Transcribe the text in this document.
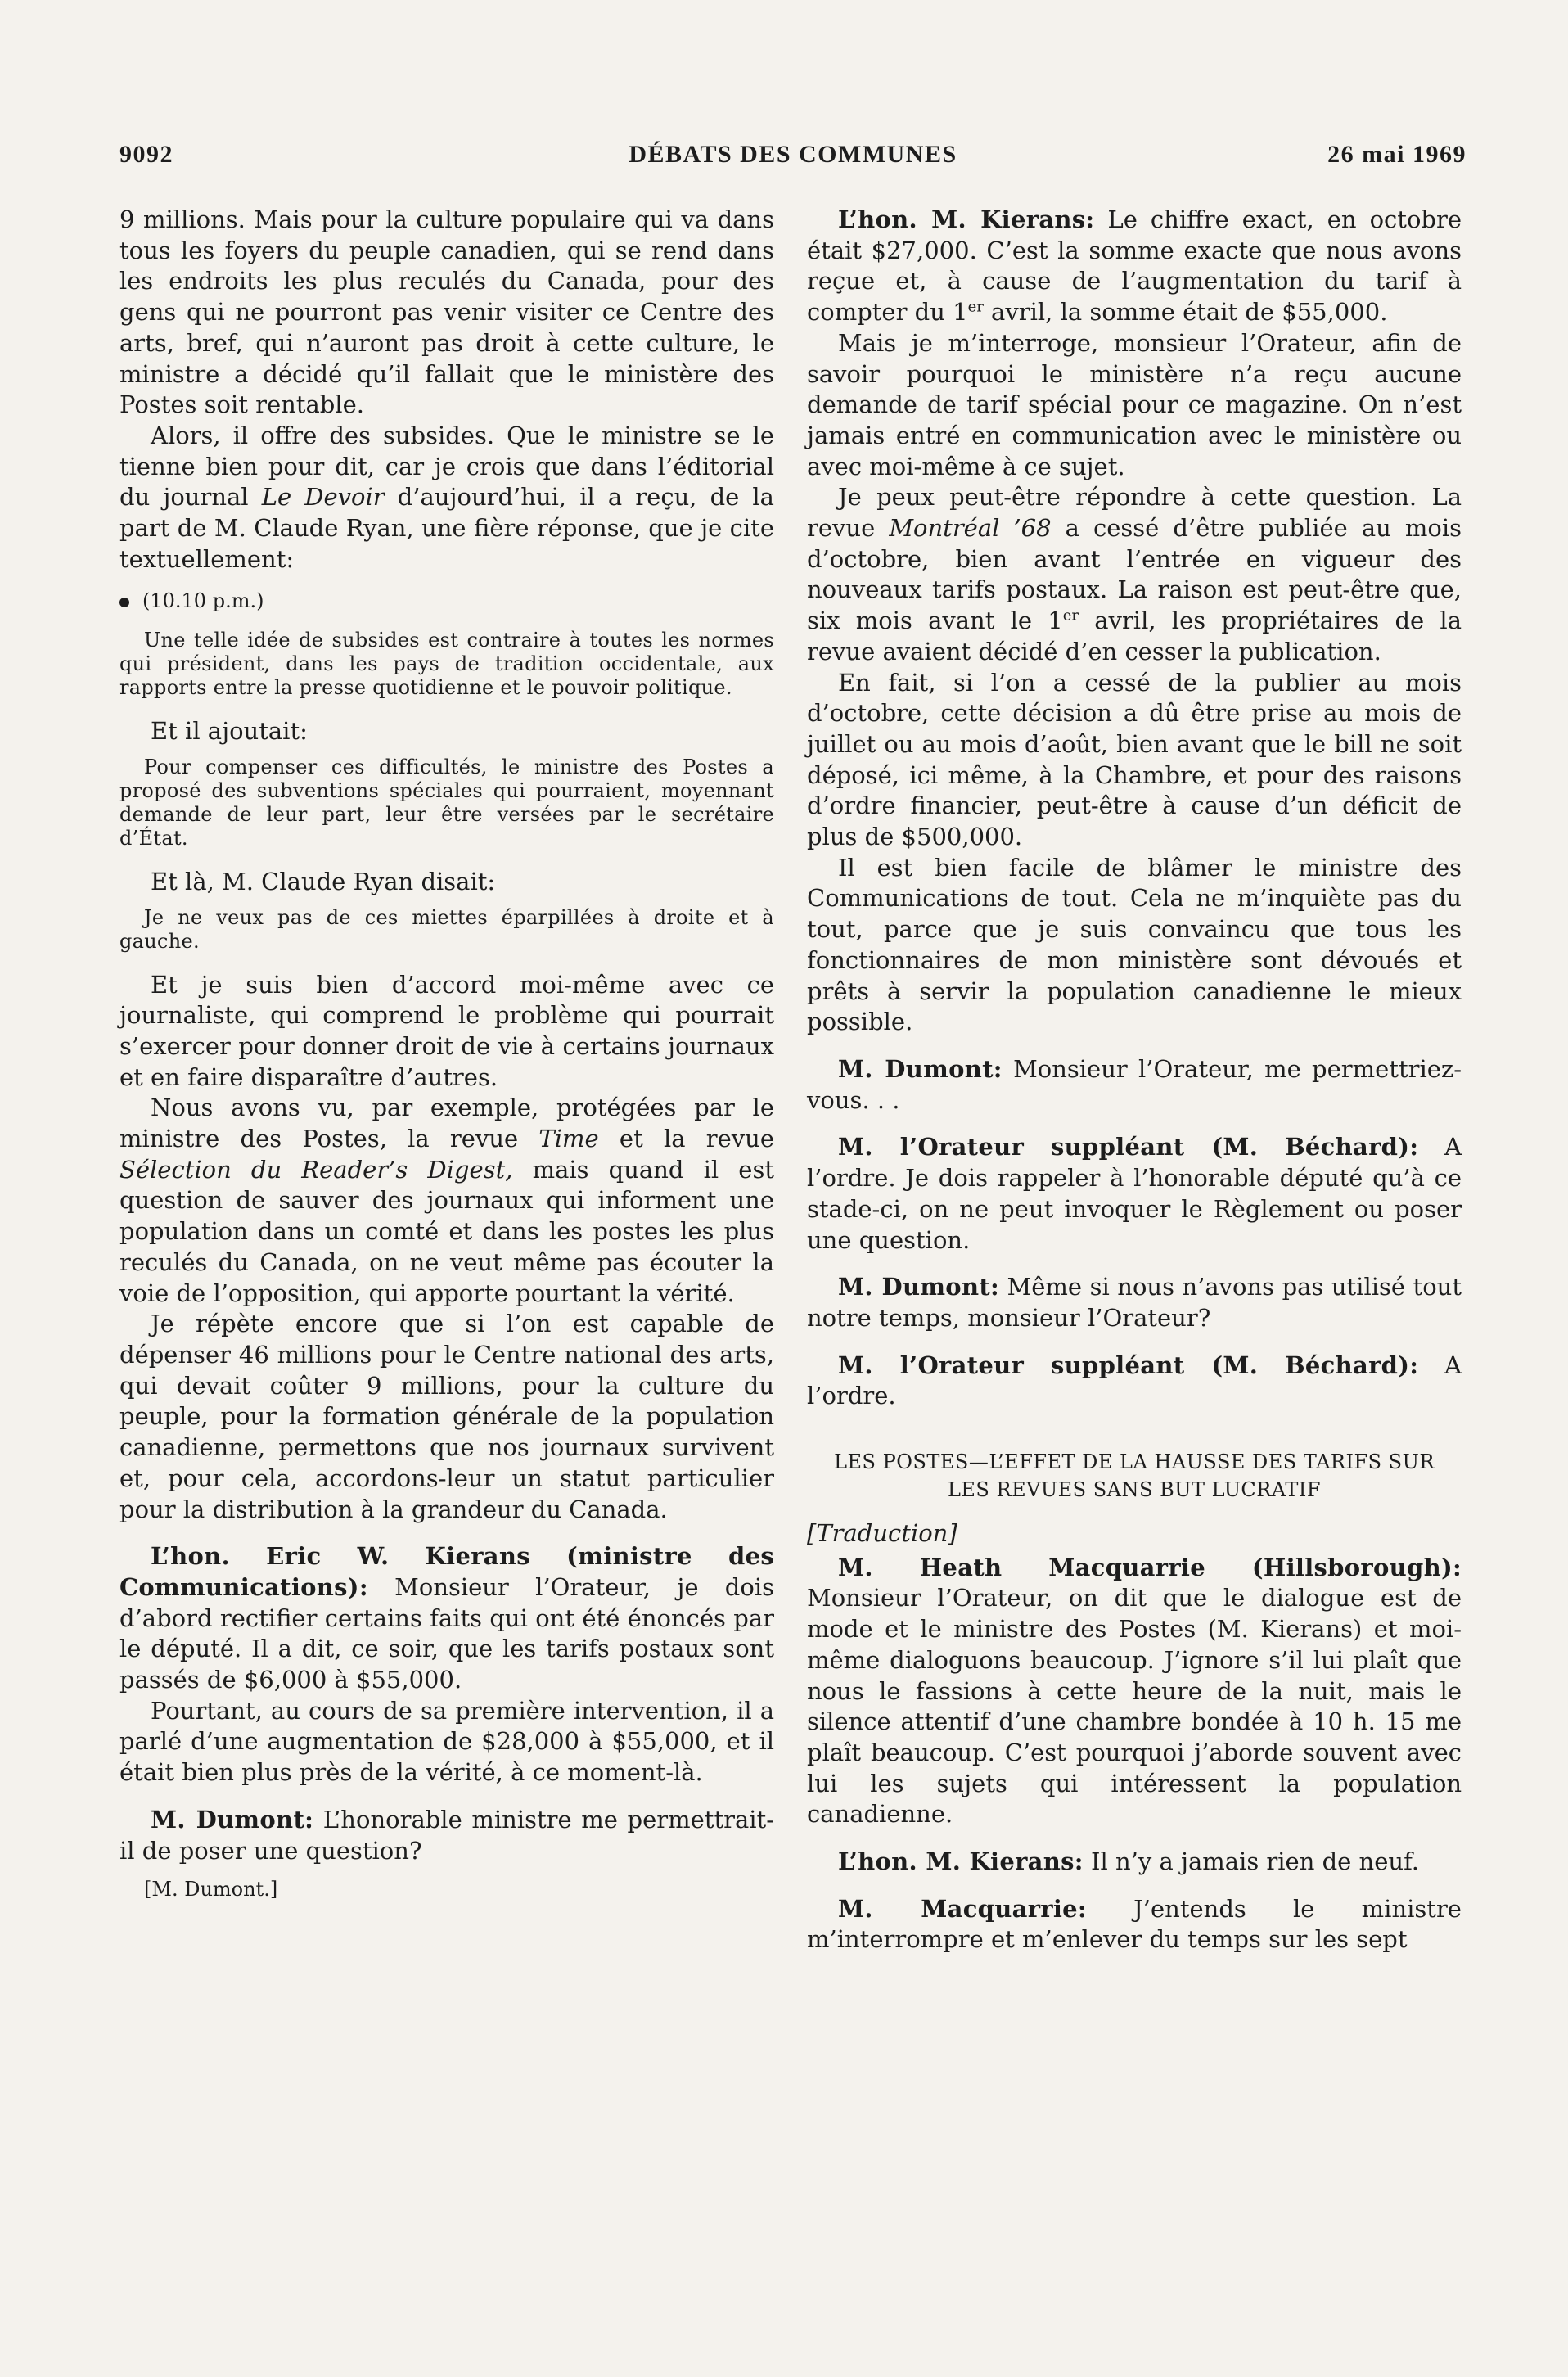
9092	DÉBATS DES COMMUNES	26 mai 1969

9 millions. Mais pour la culture populaire qui va dans tous les foyers du peuple canadien, qui se rend dans les endroits les plus reculés du Canada, pour des gens qui ne pourront pas venir visiter ce Centre des arts, bref, qui n’auront pas droit à cette culture, le ministre a décidé qu’il fallait que le ministère des Postes soit rentable.

Alors, il offre des subsides. Que le ministre se le tienne bien pour dit, car je crois que dans l’éditorial du journal Le Devoir d’aujourd’hui, il a reçu, de la part de M. Claude Ryan, une fière réponse, que je cite textuellement:

(10.10 p.m.)

Une telle idée de subsides est contraire à toutes les normes qui président, dans les pays de tradition occidentale, aux rapports entre la presse quotidienne et le pouvoir politique.

Et il ajoutait:

Pour compenser ces difficultés, le ministre des Postes a proposé des subventions spéciales qui pourraient, moyennant demande de leur part, leur être versées par le secrétaire d’État.

Et là, M. Claude Ryan disait:

Je ne veux pas de ces miettes éparpillées à droite et à gauche.

Et je suis bien d’accord moi-même avec ce journaliste, qui comprend le problème qui pourrait s’exercer pour donner droit de vie à certains journaux et en faire disparaître d’autres.

Nous avons vu, par exemple, protégées par le ministre des Postes, la revue Time et la revue Sélection du Reader’s Digest, mais quand il est question de sauver des journaux qui informent une population dans un comté et dans les postes les plus reculés du Canada, on ne veut même pas écouter la voie de l’opposition, qui apporte pourtant la vérité.

Je répète encore que si l’on est capable de dépenser 46 millions pour le Centre national des arts, qui devait coûter 9 millions, pour la culture du peuple, pour la formation générale de la population canadienne, permettons que nos journaux survivent et, pour cela, accordons-leur un statut particulier pour la distribution à la grandeur du Canada.

L’hon. Eric W. Kierans (ministre des Communications): Monsieur l’Orateur, je dois d’abord rectifier certains faits qui ont été énoncés par le député. Il a dit, ce soir, que les tarifs postaux sont passés de $6,000 à $55,000.

Pourtant, au cours de sa première intervention, il a parlé d’une augmentation de $28,000 à $55,000, et il était bien plus près de la vérité, à ce moment-là.

M. Dumont: L’honorable ministre me permettrait-il de poser une question?

[M. Dumont.]

L’hon. M. Kierans: Le chiffre exact, en octobre était $27,000. C’est la somme exacte que nous avons reçue et, à cause de l’augmentation du tarif à compter du 1er avril, la somme était de $55,000.

Mais je m’interroge, monsieur l’Orateur, afin de savoir pourquoi le ministère n’a reçu aucune demande de tarif spécial pour ce magazine. On n’est jamais entré en communication avec le ministère ou avec moi-même à ce sujet.

Je peux peut-être répondre à cette question. La revue Montréal ’68 a cessé d’être publiée au mois d’octobre, bien avant l’entrée en vigueur des nouveaux tarifs postaux. La raison est peut-être que, six mois avant le 1er avril, les propriétaires de la revue avaient décidé d’en cesser la publication.

En fait, si l’on a cessé de la publier au mois d’octobre, cette décision a dû être prise au mois de juillet ou au mois d’août, bien avant que le bill ne soit déposé, ici même, à la Chambre, et pour des raisons d’ordre financier, peut-être à cause d’un déficit de plus de $500,000.

Il est bien facile de blâmer le ministre des Communications de tout. Cela ne m’inquiète pas du tout, parce que je suis convaincu que tous les fonctionnaires de mon ministère sont dévoués et prêts à servir la population canadienne le mieux possible.

M. Dumont: Monsieur l’Orateur, me permettriez-vous. . .

M. l’Orateur suppléant (M. Béchard): A l’ordre. Je dois rappeler à l’honorable député qu’à ce stade-ci, on ne peut invoquer le Règlement ou poser une question.

M. Dumont: Même si nous n’avons pas utilisé tout notre temps, monsieur l’Orateur?

M. l’Orateur suppléant (M. Béchard): A l’ordre.

LES POSTES—L’EFFET DE LA HAUSSE DES TARIFS SUR LES REVUES SANS BUT LUCRATIF

[Traduction]

M. Heath Macquarrie (Hillsborough): Monsieur l’Orateur, on dit que le dialogue est de mode et le ministre des Postes (M. Kierans) et moi-même dialoguons beaucoup. J’ignore s’il lui plaît que nous le fassions à cette heure de la nuit, mais le silence attentif d’une chambre bondée à 10 h. 15 me plaît beaucoup. C’est pourquoi j’aborde souvent avec lui les sujets qui intéressent la population canadienne.

L’hon. M. Kierans: Il n’y a jamais rien de neuf.

M. Macquarrie: J’entends le ministre m’interrompre et m’enlever du temps sur les sept
